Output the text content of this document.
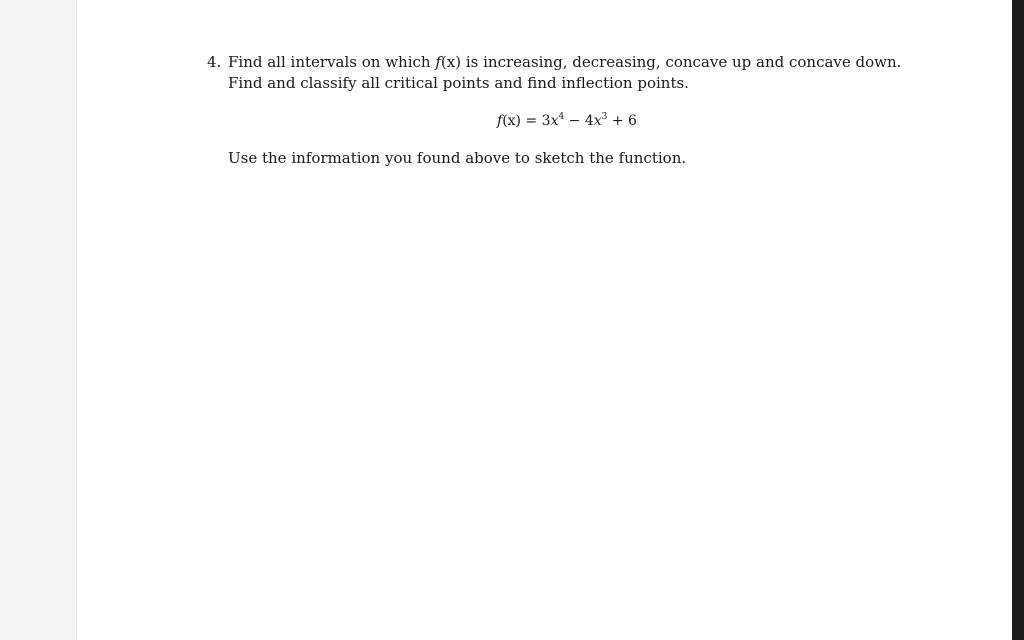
4. Find all intervals on which f(x) is increasing, decreasing, concave up and concave down. Find and classify all critical points and find inflection points.
$f(x) = 3x^4 - 4x^3 + 6$
Use the information you found above to sketch the function.
